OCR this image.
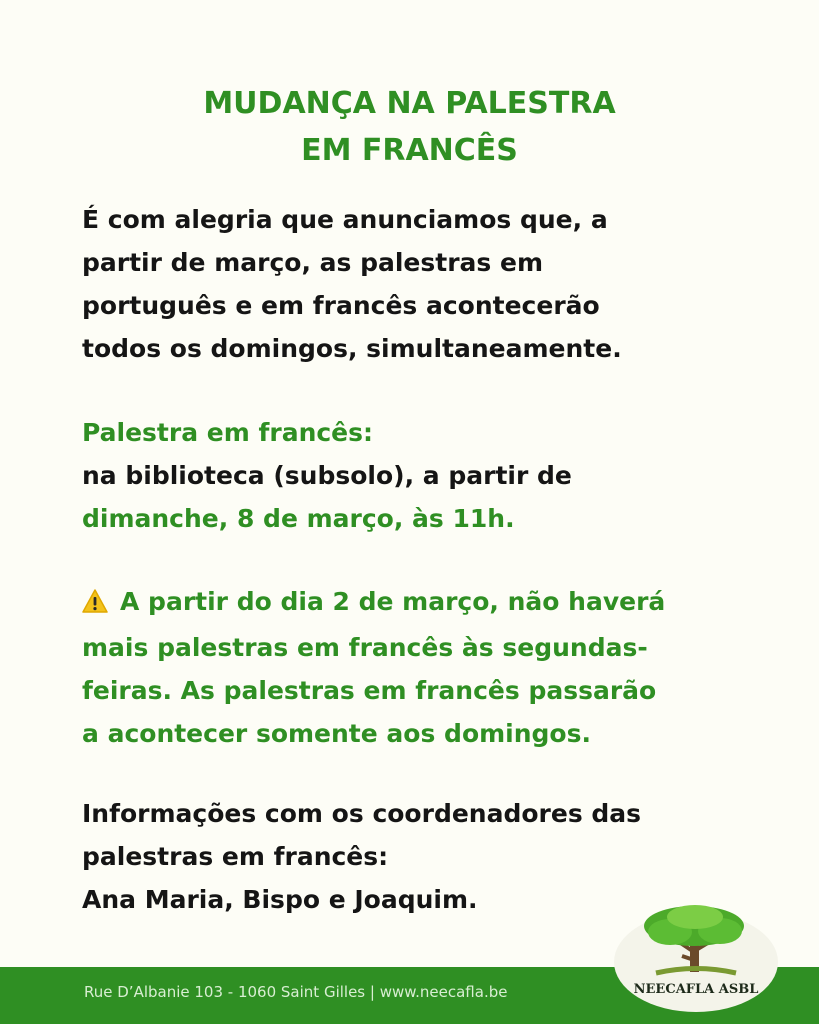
MUDANÇA NA PALESTRA
EM FRANCÊS
É com alegria que anunciamos que, a
partir de março, as palestras em
português e em francês acontecerão
todos os domingos, simultaneamente.
Palestra em francês:
na biblioteca (subsolo), a partir de
dimanche, 8 de março, às 11h.
A partir do dia 2 de março, não haverá
mais palestras em francês às segundas-
feiras. As palestras em francês passarão
a acontecer somente aos domingos.
Informações com os coordenadores das
palestras em francês:
Ana Maria, Bispo e Joaquim.
Rue D’Albanie 103 - 1060 Saint Gilles | www.neecafla.be	NEECAFLA ASBL
